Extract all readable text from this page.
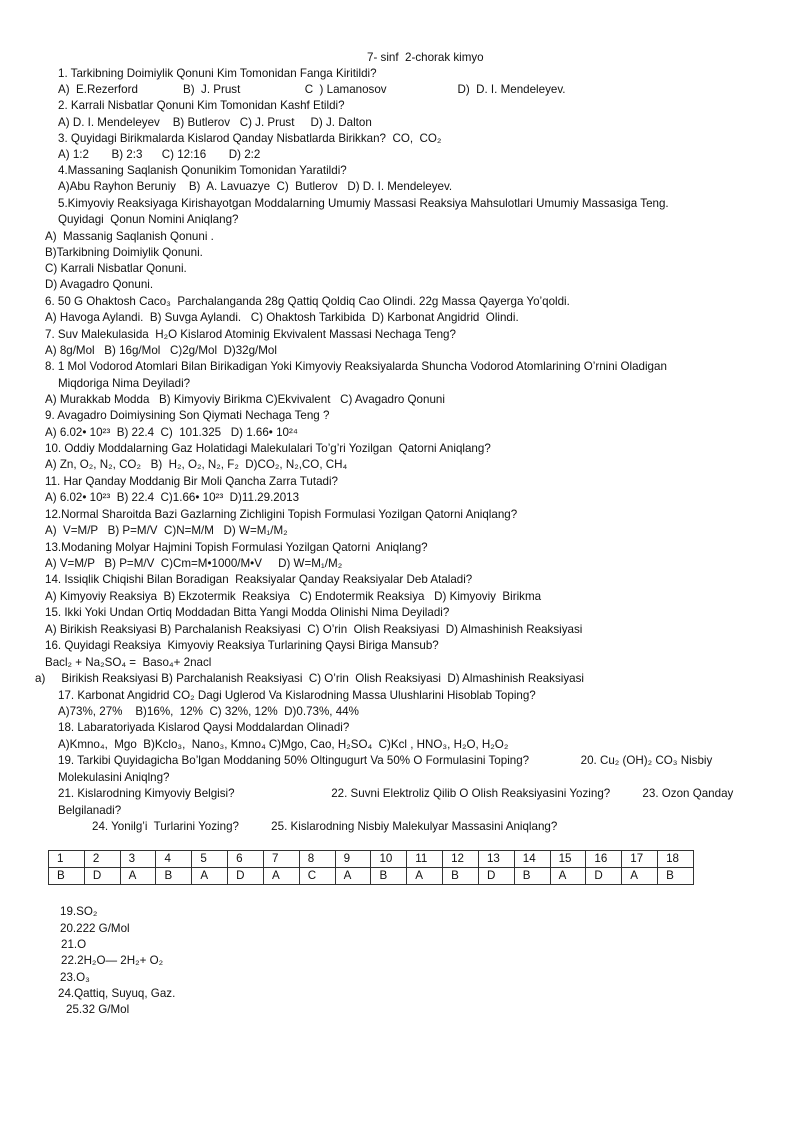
7- sinf  2-chorak kimyo
1. Tarkibning Doimiylik Qonuni Kim Tomonidan Fanga Kiritildi?
A)  E.Rezerford              B)  J. Prust                    C  ) Lamanosov                      D)  D. I. Mendeleyev.
2. Karrali Nisbatlar Qonuni Kim Tomonidan Kashf Etildi?
A) D. I. Mendeleyev    B) Butlerov   C) J. Prust     D) J. Dalton
3. Quyidagi Birikmalarda Kislarod Qanday Nisbatlarda Birikkan?  CO,  CO₂
A) 1:2       B) 2:3      C) 12:16       D) 2:2
4.Massaning Saqlanish Qonunikim Tomonidan Yaratildi?
A)Abu Rayhon Beruniy    B)  A. Lavuazye  C)  Butlerov   D) D. I. Mendeleyev.
5.Kimyoviy Reaksiyaga Kirishayotgan Moddalarning Umumiy Massasi Reaksiya Mahsulotlari Umumiy Massasiga Teng.
Quyidagi  Qonun Nomini Aniqlang?
A)  Massanig Saqlanish Qonuni .
B)Tarkibning Doimiylik Qonuni.
C) Karrali Nisbatlar Qonuni.
D) Avagadro Qonuni.
6. 50 G Ohaktosh Caco₃  Parchalanganda 28g Qattiq Qoldiq Cao Olindi. 22g Massa Qayerga Yo’qoldi.
A) Havoga Aylandi.  B) Suvga Aylandi.   C) Ohaktosh Tarkibida  D) Karbonat Angidrid  Olindi.
7. Suv Malekulasida  H₂O Kislarod Atominig Ekvivalent Massasi Nechaga Teng?
A) 8g/Mol   B) 16g/Mol   C)2g/Mol  D)32g/Mol
8. 1 Mol Vodorod Atomlari Bilan Birikadigan Yoki Kimyoviy Reaksiyalarda Shuncha Vodorod Atomlarining O’rnini Oladigan
Miqdoriga Nima Deyiladi?
A) Murakkab Modda   B) Kimyoviy Birikma C)Ekvivalent   C) Avagadro Qonuni
9. Avagadro Doimiysining Son Qiymati Nechaga Teng ?
A) 6.02• 10²³  B) 22.4  C)  101.325   D) 1.66• 10²⁴
10. Oddiy Moddalarning Gaz Holatidagi Malekulalari To’g’ri Yozilgan  Qatorni Aniqlang?
A) Zn, O₂, N₂, CO₂   B)  H₂, O₂, N₂, F₂  D)CO₂, N₂,CO, CH₄
11. Har Qanday Moddanig Bir Moli Qancha Zarra Tutadi?
A) 6.02• 10²³  B) 22.4  C)1.66• 10²³  D)11.29.2013
12.Normal Sharoitda Bazi Gazlarning Zichligini Topish Formulasi Yozilgan Qatorni Aniqlang?
A)  V=M/P   B) P=M/V  C)N=M/M   D) W=M₁/M₂
13.Modaning Molyar Hajmini Topish Formulasi Yozilgan Qatorni  Aniqlang?
A) V=M/P   B) P=M/V  C)Cm=M•1000/M•V     D) W=M₁/M₂
14. Issiqlik Chiqishi Bilan Boradigan  Reaksiyalar Qanday Reaksiyalar Deb Ataladi?
A) Kimyoviy Reaksiya  B) Ekzotermik  Reaksiya   C) Endotermik Reaksiya   D) Kimyoviy  Birikma
15. Ikki Yoki Undan Ortiq Moddadan Bitta Yangi Modda Olinishi Nima Deyiladi?
A) Birikish Reaksiyasi B) Parchalanish Reaksiyasi  C) O’rin  Olish Reaksiyasi  D) Almashinish Reaksiyasi
16. Quyidagi Reaksiya  Kimyoviy Reaksiya Turlarining Qaysi Biriga Mansub?
Bacl₂ + Na₂SO₄ =  Baso₄+ 2nacl
a)     Birikish Reaksiyasi B) Parchalanish Reaksiyasi  C) O’rin  Olish Reaksiyasi  D) Almashinish Reaksiyasi
17. Karbonat Angidrid CO₂ Dagi Uglerod Va Kislarodning Massa Ulushlarini Hisoblab Toping?
A)73%, 27%    B)16%,  12%  C) 32%, 12%  D)0.73%, 44%
18. Labaratoriyada Kislarod Qaysi Moddalardan Olinadi?
A)Kmno₄,  Mgo  B)Kclo₃,  Nano₃, Kmno₄ C)Mgo, Cao, H₂SO₄  C)Kcl , HNO₃, H₂O, H₂O₂
19. Tarkibi Quyidagicha Bo’lgan Moddaning 50% Oltingugurt Va 50% O Formulasini Toping?                20. Cu₂ (OH)₂ CO₃ Nisbiy
Molekulasini Aniqlng?
21. Kislarodning Kimyoviy Belgisi?                              22. Suvni Elektroliz Qilib O Olish Reaksiyasini Yozing?          23. Ozon Qanday
Belgilanadi?
24. Yonilg’i  Turlarini Yozing?          25. Kislarodning Nisbiy Malekulyar Massasini Aniqlang?
1	2	3	4	5	6	7	8	9	10	11	12	13	14	15	16	17	18
B	D	A	B	A	D	A	C	A	B	A	B	D	B	A	D	A	B
19.SO₂
20.222 G/Mol
21.O
22.2H₂O— 2H₂+ O₂
23.O₃
24.Qattiq, Suyuq, Gaz.
25.32 G/Mol
